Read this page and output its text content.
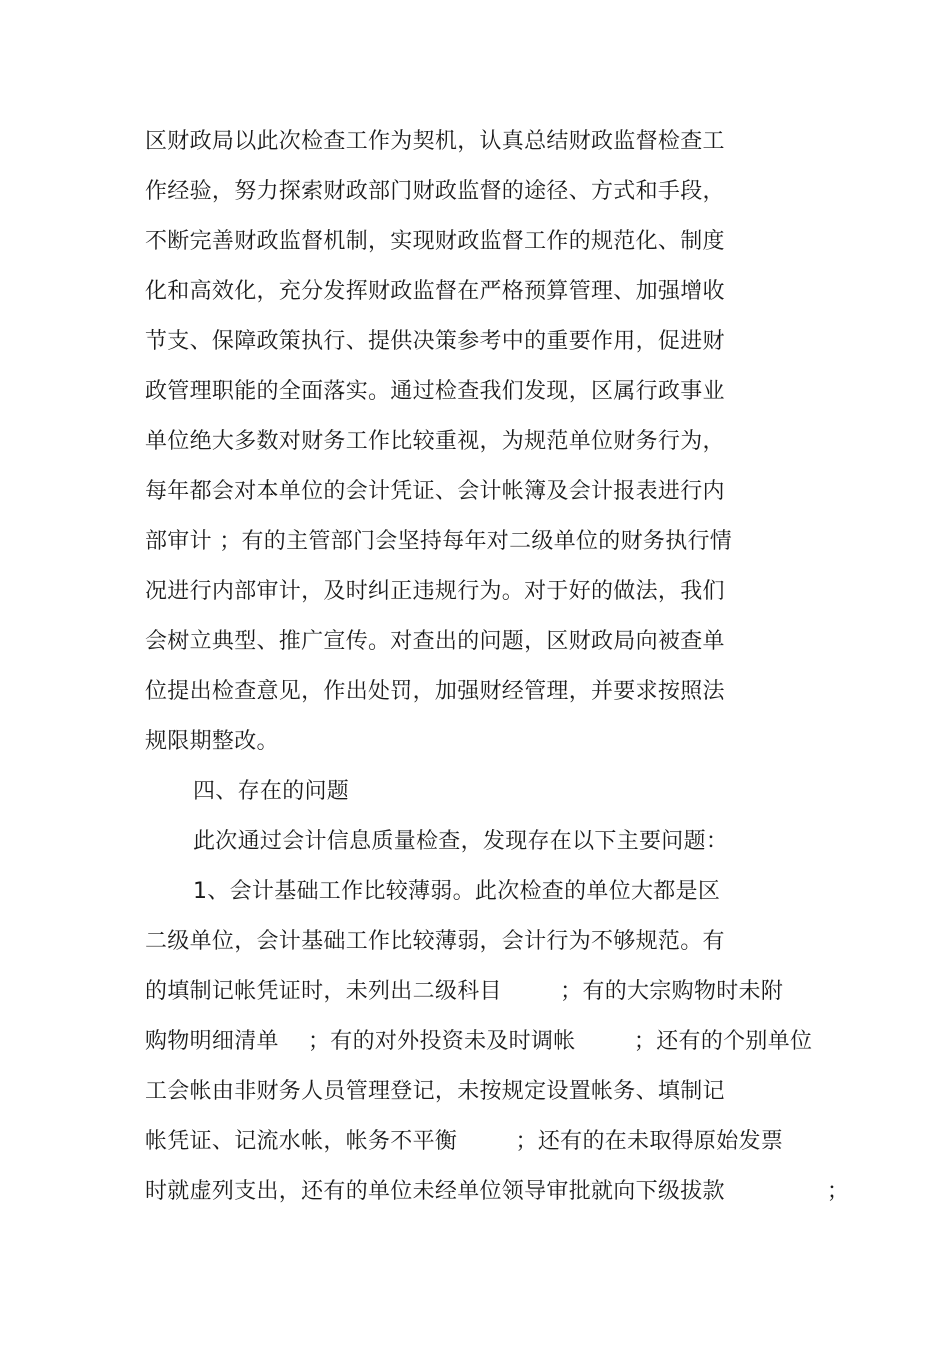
区财政局以此次检查工作为契机，认真总结财政监督检查工
作经验，努力探索财政部门财政监督的途径、方式和手段，
不断完善财政监督机制，实现财政监督工作的规范化、制度
化和高效化，充分发挥财政监督在严格预算管理、加强增收
节支、保障政策执行、提供决策参考中的重要作用，促进财
政管理职能的全面落实。通过检查我们发现，区属行政事业
单位绝大多数对财务工作比较重视，为规范单位财务行为，
每年都会对本单位的会计凭证、会计帐簿及会计报表进行内
部审计 ；有的主管部门会坚持每年对二级单位的财务执行情
况进行内部审计，及时纠正违规行为。对于好的做法，我们
会树立典型、推广宣传。对查出的问题，区财政局向被查单
位提出检查意见，作出处罚，加强财经管理，并要求按照法
规限期整改。
四、存在的问题
此次通过会计信息质量检查，发现存在以下主要问题：
1、会计基础工作比较薄弱。此次检查的单位大都是区
二级单位，会计基础工作比较薄弱，会计行为不够规范。有
的填制记帐凭证时，未列出二级科目        ；有的大宗购物时未附
购物明细清单    ；有的对外投资未及时调帐        ；还有的个别单位
工会帐由非财务人员管理登记，未按规定设置帐务、填制记
帐凭证、记流水帐，帐务不平衡        ；还有的在未取得原始发票
时就虚列支出，还有的单位未经单位领导审批就向下级拔款              ；
